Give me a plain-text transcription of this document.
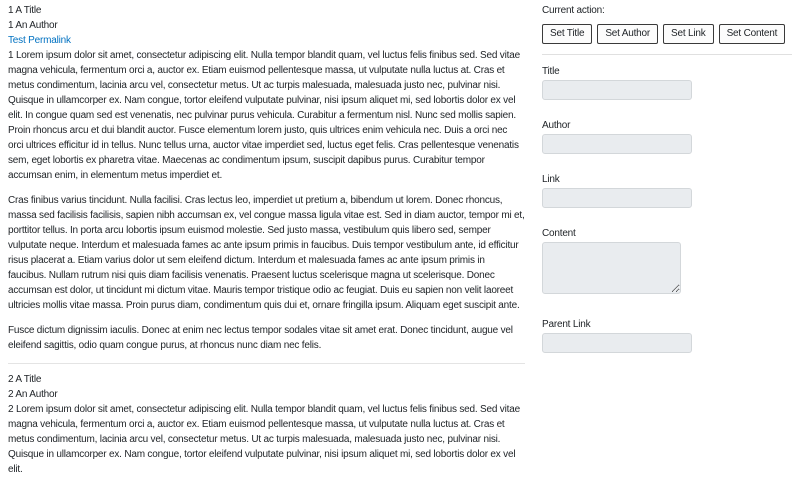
1 A Title
1 An Author
Test Permalink

1 Lorem ipsum dolor sit amet, consectetur adipiscing elit. Nulla tempor blandit quam, vel luctus felis finibus sed. Sed vitae magna vehicula, fermentum orci a, auctor ex. Etiam euismod pellentesque massa, ut vulputate nulla luctus at. Cras et metus condimentum, lacinia arcu vel, consectetur metus. Ut ac turpis malesuada, malesuada justo nec, pulvinar nisi. Quisque in ullamcorper ex. Nam congue, tortor eleifend vulputate pulvinar, nisi ipsum aliquet mi, sed lobortis dolor ex vel elit. In congue quam sed est venenatis, nec pulvinar purus vehicula. Curabitur a fermentum nisl. Nunc sed mollis sapien. Proin rhoncus arcu et dui blandit auctor. Fusce elementum lorem justo, quis ultrices enim vehicula nec. Duis a orci nec orci ultrices efficitur id in tellus. Nunc tellus urna, auctor vitae imperdiet sed, luctus eget felis. Cras pellentesque venenatis sem, eget lobortis ex pharetra vitae. Maecenas ac condimentum ipsum, suscipit dapibus purus. Curabitur tempor accumsan enim, in elementum metus imperdiet et.

Cras finibus varius tincidunt. Nulla facilisi. Cras lectus leo, imperdiet ut pretium a, bibendum ut lorem. Donec rhoncus, massa sed facilisis facilisis, sapien nibh accumsan ex, vel congue massa ligula vitae est. Sed in diam auctor, tempor mi et, porttitor tellus. In porta arcu lobortis ipsum euismod molestie. Sed justo massa, vestibulum quis libero sed, semper vulputate neque. Interdum et malesuada fames ac ante ipsum primis in faucibus. Duis tempor vestibulum ante, id efficitur risus placerat a. Etiam varius dolor ut sem eleifend dictum. Interdum et malesuada fames ac ante ipsum primis in faucibus. Nullam rutrum nisi quis diam facilisis venenatis. Praesent luctus scelerisque magna ut scelerisque. Donec accumsan est dolor, ut tincidunt mi dictum vitae. Mauris tempor tristique odio ac feugiat. Duis eu sapien non velit laoreet ultricies mollis vitae massa. Proin purus diam, condimentum quis dui et, ornare fringilla ipsum. Aliquam eget suscipit ante.

Fusce dictum dignissim iaculis. Donec at enim nec lectus tempor sodales vitae sit amet erat. Donec tincidunt, augue vel eleifend sagittis, odio quam congue purus, at rhoncus nunc diam nec felis.

2 A Title
2 An Author

2 Lorem ipsum dolor sit amet, consectetur adipiscing elit. Nulla tempor blandit quam, vel luctus felis finibus sed. Sed vitae magna vehicula, fermentum orci a, auctor ex. Etiam euismod pellentesque massa, ut vulputate nulla luctus at. Cras et metus condimentum, lacinia arcu vel, consectetur metus. Ut ac turpis malesuada, malesuada justo nec, pulvinar nisi. Quisque in ullamcorper ex. Nam congue, tortor eleifend vulputate pulvinar, nisi ipsum aliquet mi, sed lobortis dolor ex vel elit.

Current action:
Set Title	Set Author	Set Link	Set Content
Title
Author
Link
Content
Parent Link
